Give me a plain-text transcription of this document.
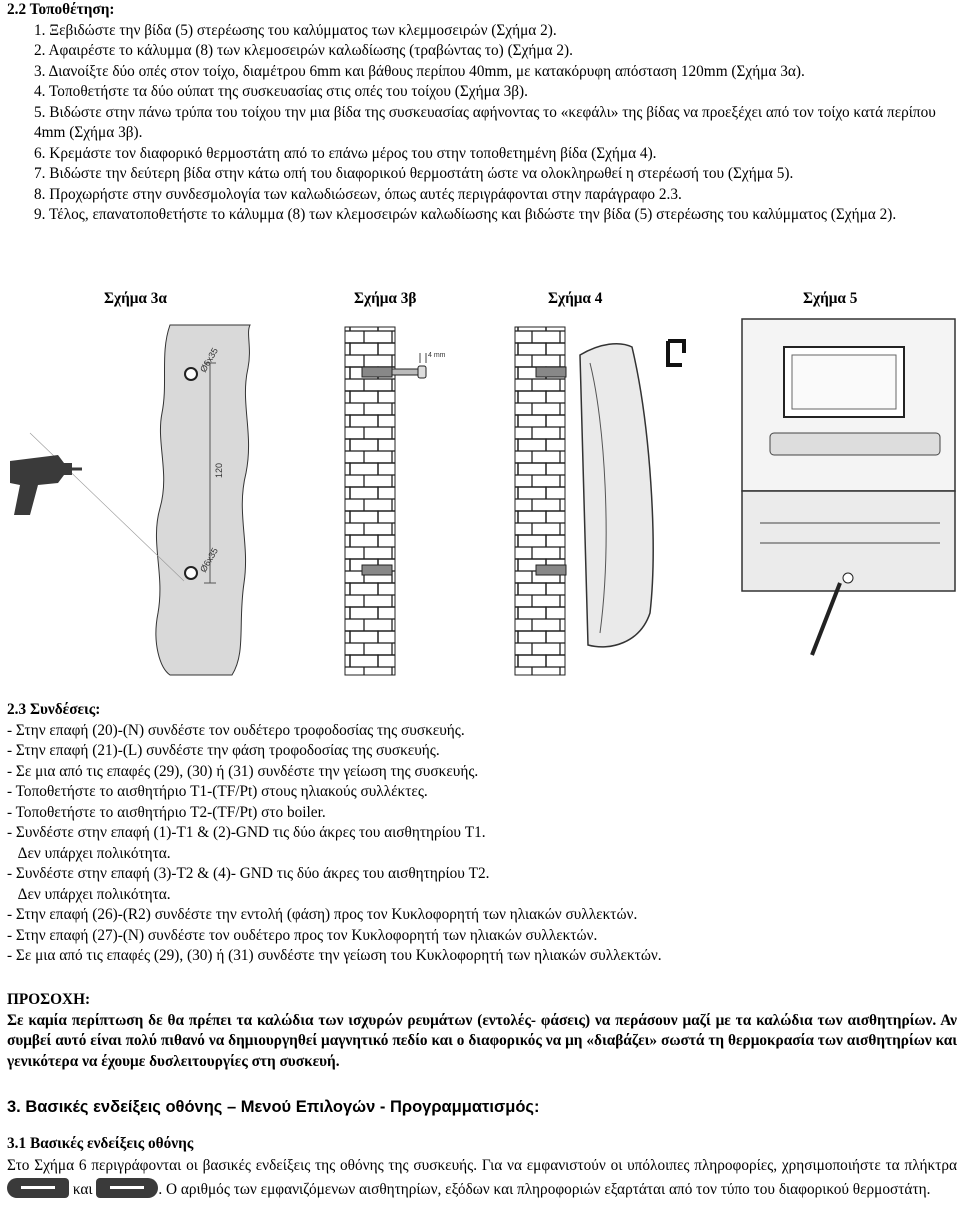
2.2 Τοποθέτηση:
1. Ξεβιδώστε την βίδα (5) στερέωσης του καλύμματος των κλεμμοσειρών (Σχήμα 2).
2. Αφαιρέστε το κάλυμμα (8) των κλεμοσειρών καλωδίωσης (τραβώντας το) (Σχήμα 2).
3. Διανοίξτε δύο οπές στον τοίχο, διαμέτρου 6mm και βάθους περίπου 40mm, με κατακόρυφη απόσταση 120mm (Σχήμα 3α).
4. Τοποθετήστε τα δύο ούπατ της συσκευασίας στις οπές του τοίχου (Σχήμα 3β).
5. Βιδώστε στην πάνω τρύπα του τοίχου την μια βίδα της συσκευασίας αφήνοντας το «κεφάλι» της βίδας να προεξέχει από τον τοίχο κατά περίπου 4mm (Σχήμα 3β).
6. Κρεμάστε τον διαφορικό θερμοστάτη από το επάνω μέρος του στην τοποθετημένη βίδα (Σχήμα 4).
7. Βιδώστε την δεύτερη βίδα στην κάτω οπή του διαφορικού θερμοστάτη ώστε να ολοκληρωθεί η στερέωσή του (Σχήμα 5).
8. Προχωρήστε στην συνδεσμολογία των καλωδιώσεων, όπως αυτές περιγράφονται στην παράγραφο 2.3.
9. Τέλος, επανατοποθετήστε το κάλυμμα (8) των κλεμοσειρών καλωδίωσης και βιδώστε την βίδα (5) στερέωσης του καλύμματος (Σχήμα 2).
Σχήμα 3α	Σχήμα 3β	Σχήμα 4	Σχήμα 5
Ø6x35
Ø6x35
120
4 mm
2.3 Συνδέσεις:
- Στην επαφή (20)-(N) συνδέστε τον ουδέτερο τροφοδοσίας της συσκευής.
- Στην επαφή (21)-(L) συνδέστε την φάση τροφοδοσίας της συσκευής.
- Σε μια από τις επαφές (29), (30) ή (31) συνδέστε την γείωση της συσκευής.
- Τοποθετήστε το αισθητήριο T1-(TF/Pt) στους ηλιακούς συλλέκτες.
- Τοποθετήστε το αισθητήριο T2-(TF/Pt) στο boiler.
- Συνδέστε στην επαφή (1)-T1 & (2)-GND τις δύο άκρες του αισθητηρίου T1.
Δεν υπάρχει πολικότητα.
- Συνδέστε στην επαφή (3)-T2 & (4)- GND τις δύο άκρες του αισθητηρίου T2.
Δεν υπάρχει πολικότητα.
- Στην επαφή (26)-(R2) συνδέστε την εντολή (φάση) προς τον Κυκλοφορητή των ηλιακών συλλεκτών.
- Στην επαφή (27)-(N) συνδέστε τον ουδέτερο προς τον Κυκλοφορητή των ηλιακών συλλεκτών.
- Σε μια από τις επαφές (29), (30) ή (31) συνδέστε την γείωση του Κυκλοφορητή των ηλιακών συλλεκτών.
ΠΡΟΣΟΧΗ:
Σε καμία περίπτωση δε θα πρέπει τα καλώδια των ισχυρών ρευμάτων (εντολές- φάσεις) να περάσουν μαζί με τα καλώδια των αισθητηρίων. Αν συμβεί αυτό είναι πολύ πιθανό να δημιουργηθεί μαγνητικό πεδίο και ο διαφορικός να μη «διαβάζει» σωστά τη θερμοκρασία των αισθητηρίων και γενικότερα να έχουμε δυσλειτουργίες στη συσκευή.
3. Βασικές ενδείξεις οθόνης – Μενού Επιλογών - Προγραμματισμός:
3.1 Βασικές ενδείξεις οθόνης
Στο Σχήμα 6 περιγράφονται οι βασικές ενδείξεις της οθόνης της συσκευής. Για να εμφανιστούν οι υπόλοιπες πληροφορίες, χρησιμοποιήστε τα πλήκτρα
και	. Ο αριθμός των εμφανιζόμενων αισθητηρίων, εξόδων και πληροφοριών εξαρτάται από τον τύπο του διαφορικού θερμοστάτη.
